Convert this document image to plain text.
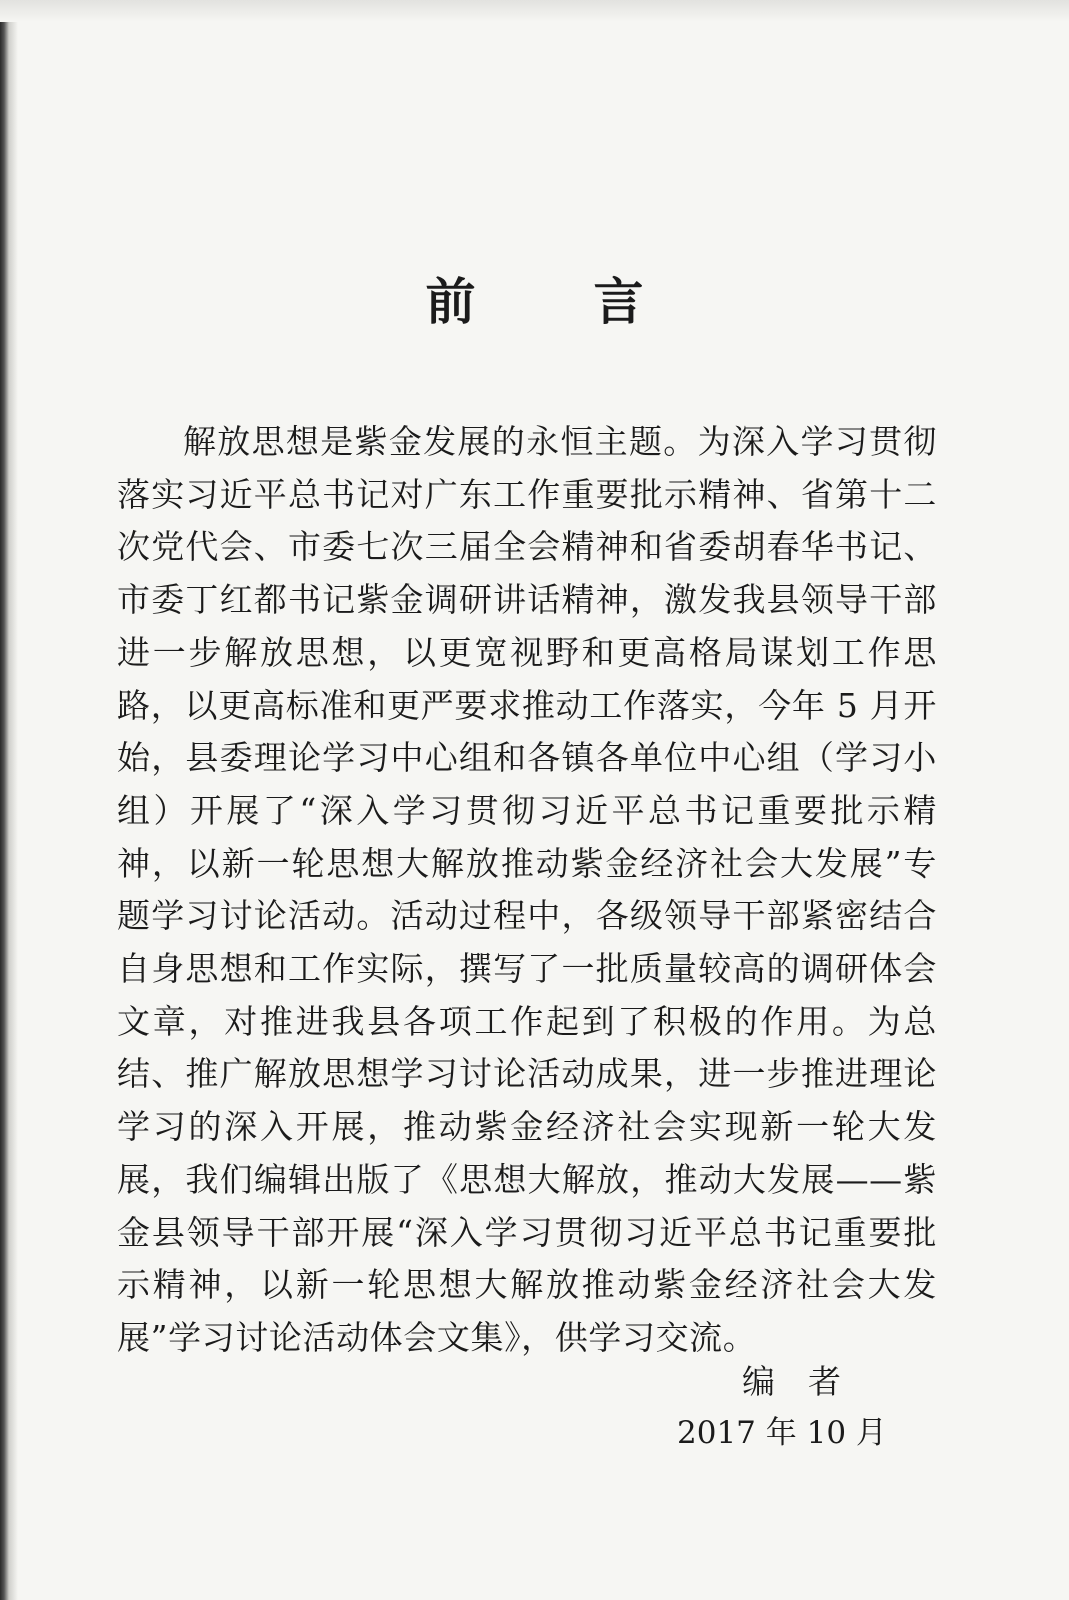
前 言

解放思想是紫金发展的永恒主题。为深入学习贯彻落实习近平总书记对广东工作重要批示精神、省第十二次党代会、市委七次三届全会精神和省委胡春华书记、市委丁红都书记紫金调研讲话精神，激发我县领导干部进一步解放思想，以更宽视野和更高格局谋划工作思路，以更高标准和更严要求推动工作落实，今年 5 月开始，县委理论学习中心组和各镇各单位中心组（学习小组）开展了“深入学习贯彻习近平总书记重要批示精神，以新一轮思想大解放推动紫金经济社会大发展”专题学习讨论活动。活动过程中，各级领导干部紧密结合自身思想和工作实际，撰写了一批质量较高的调研体会文章，对推进我县各项工作起到了积极的作用。为总结、推广解放思想学习讨论活动成果，进一步推进理论学习的深入开展，推动紫金经济社会实现新一轮大发展，我们编辑出版了《思想大解放，推动大发展——紫金县领导干部开展“深入学习贯彻习近平总书记重要批示精神，以新一轮思想大解放推动紫金经济社会大发展”学习讨论活动体会文集》，供学习交流。

编　者
2017 年 10 月
